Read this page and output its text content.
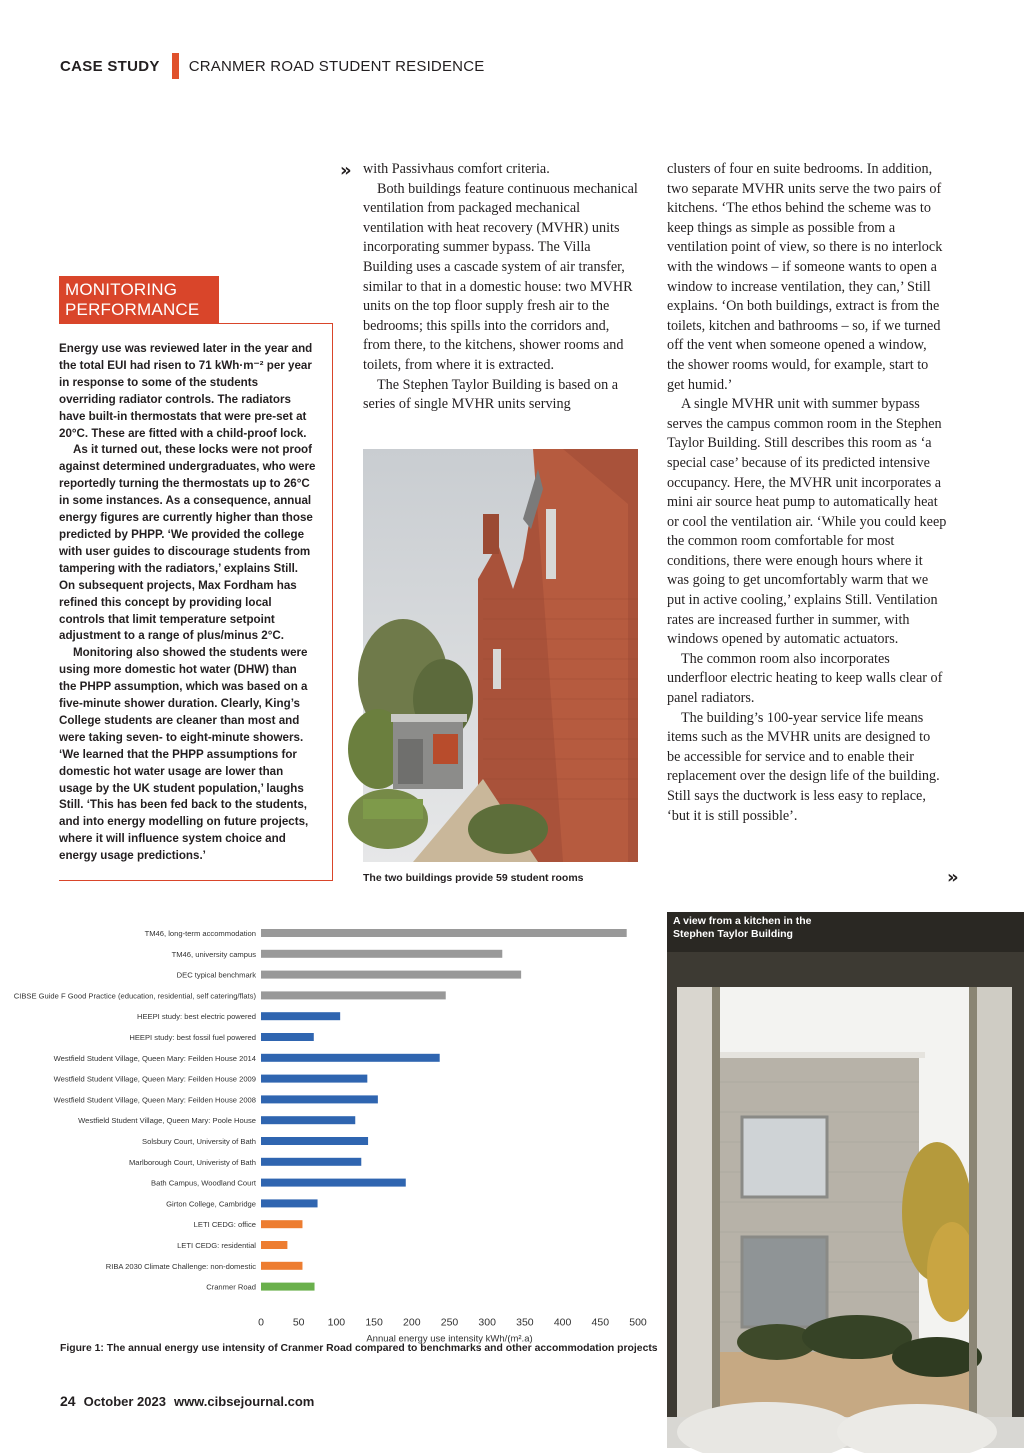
CASE STUDY CRANMER ROAD STUDENT RESIDENCE
MONITORING
PERFORMANCE

Energy use was reviewed later in the year and the total EUI had risen to 71 kWh·m⁻² per year in response to some of the students overriding radiator controls. The radiators have built-in thermostats that were pre-set at 20°C. These are fitted with a child-proof lock.

As it turned out, these locks were not proof against determined undergraduates, who were reportedly turning the thermostats up to 26°C in some instances. As a consequence, annual energy figures are currently higher than those predicted by PHPP. ‘We provided the college with user guides to discourage students from tampering with the radiators,’ explains Still. On subsequent projects, Max Fordham has refined this concept by providing local controls that limit temperature setpoint adjustment to a range of plus/minus 2°C.

Monitoring also showed the students were using more domestic hot water (DHW) than the PHPP assumption, which was based on a five-minute shower duration. Clearly, King’s College students are cleaner than most and were taking seven- to eight-minute showers. ‘We learned that the PHPP assumptions for domestic hot water usage are lower than usage by the UK student population,’ laughs Still. ‘This has been fed back to the students, and into energy modelling on future projects, where it will influence system choice and energy usage predictions.’

» with Passivhaus comfort criteria.

Both buildings feature continuous mechanical ventilation from packaged mechanical ventilation with heat recovery (MVHR) units incorporating summer bypass. The Villa Building uses a cascade system of air transfer, similar to that in a domestic house: two MVHR units on the top floor supply fresh air to the bedrooms; this spills into the corridors and, from there, to the kitchens, shower rooms and toilets, from where it is extracted.

The Stephen Taylor Building is based on a series of single MVHR units serving

The two buildings provide 59 student rooms

clusters of four en suite bedrooms. In addition, two separate MVHR units serve the two pairs of kitchens. ‘The ethos behind the scheme was to keep things as simple as possible from a ventilation point of view, so there is no interlock with the windows – if someone wants to open a window to increase ventilation, they can,’ Still explains. ‘On both buildings, extract is from the toilets, kitchen and bathrooms – so, if we turned off the vent when someone opened a window, the shower rooms would, for example, start to get humid.’

A single MVHR unit with summer bypass serves the campus common room in the Stephen Taylor Building. Still describes this room as ‘a special case’ because of its predicted intensive occupancy. Here, the MVHR unit incorporates a mini air source heat pump to automatically heat or cool the ventilation air. ‘While you could keep the common room comfortable for most conditions, there were enough hours where it was going to get uncomfortably warm that we put in active cooling,’ explains Still. Ventilation rates are increased further in summer, with windows opened by automatic actuators.

The common room also incorporates underfloor electric heating to keep walls clear of panel radiators.

The building’s 100-year service life means items such as the MVHR units are designed to be accessible for service and to enable their replacement over the design life of the building. Still says the ductwork is less easy to replace, ‘but it is still possible’.

»
TM46, long-term accommodation
TM46, university campus
DEC typical benchmark
CIBSE Guide F Good Practice (education, residential, self catering/flats)
HEEPI study: best electric powered
HEEPI study: best fossil fuel powered
Westfield Student Village, Queen Mary: Feilden House 2014
Westfield Student Village, Queen Mary: Feilden House 2009
Westfield Student Village, Queen Mary: Feilden House 2008
Westfield Student Village, Queen Mary: Poole House
Solsbury Court, University of Bath
Marlborough Court, Univeristy of Bath
Bath Campus, Woodland Court
Girton College, Cambridge
LETI CEDG: office
LETI CEDG: residential
RIBA 2030 Climate Challenge: non-domestic
Cranmer Road
0	50 100 150 200 250 300 350 400 450 500
Annual energy use intensity kWh/(m².a)
Figure 1: The annual energy use intensity of Cranmer Road compared to benchmarks and other accommodation projects
A view from a kitchen in the Stephen Taylor Building
24 October 2023 www.cibsejournal.com
